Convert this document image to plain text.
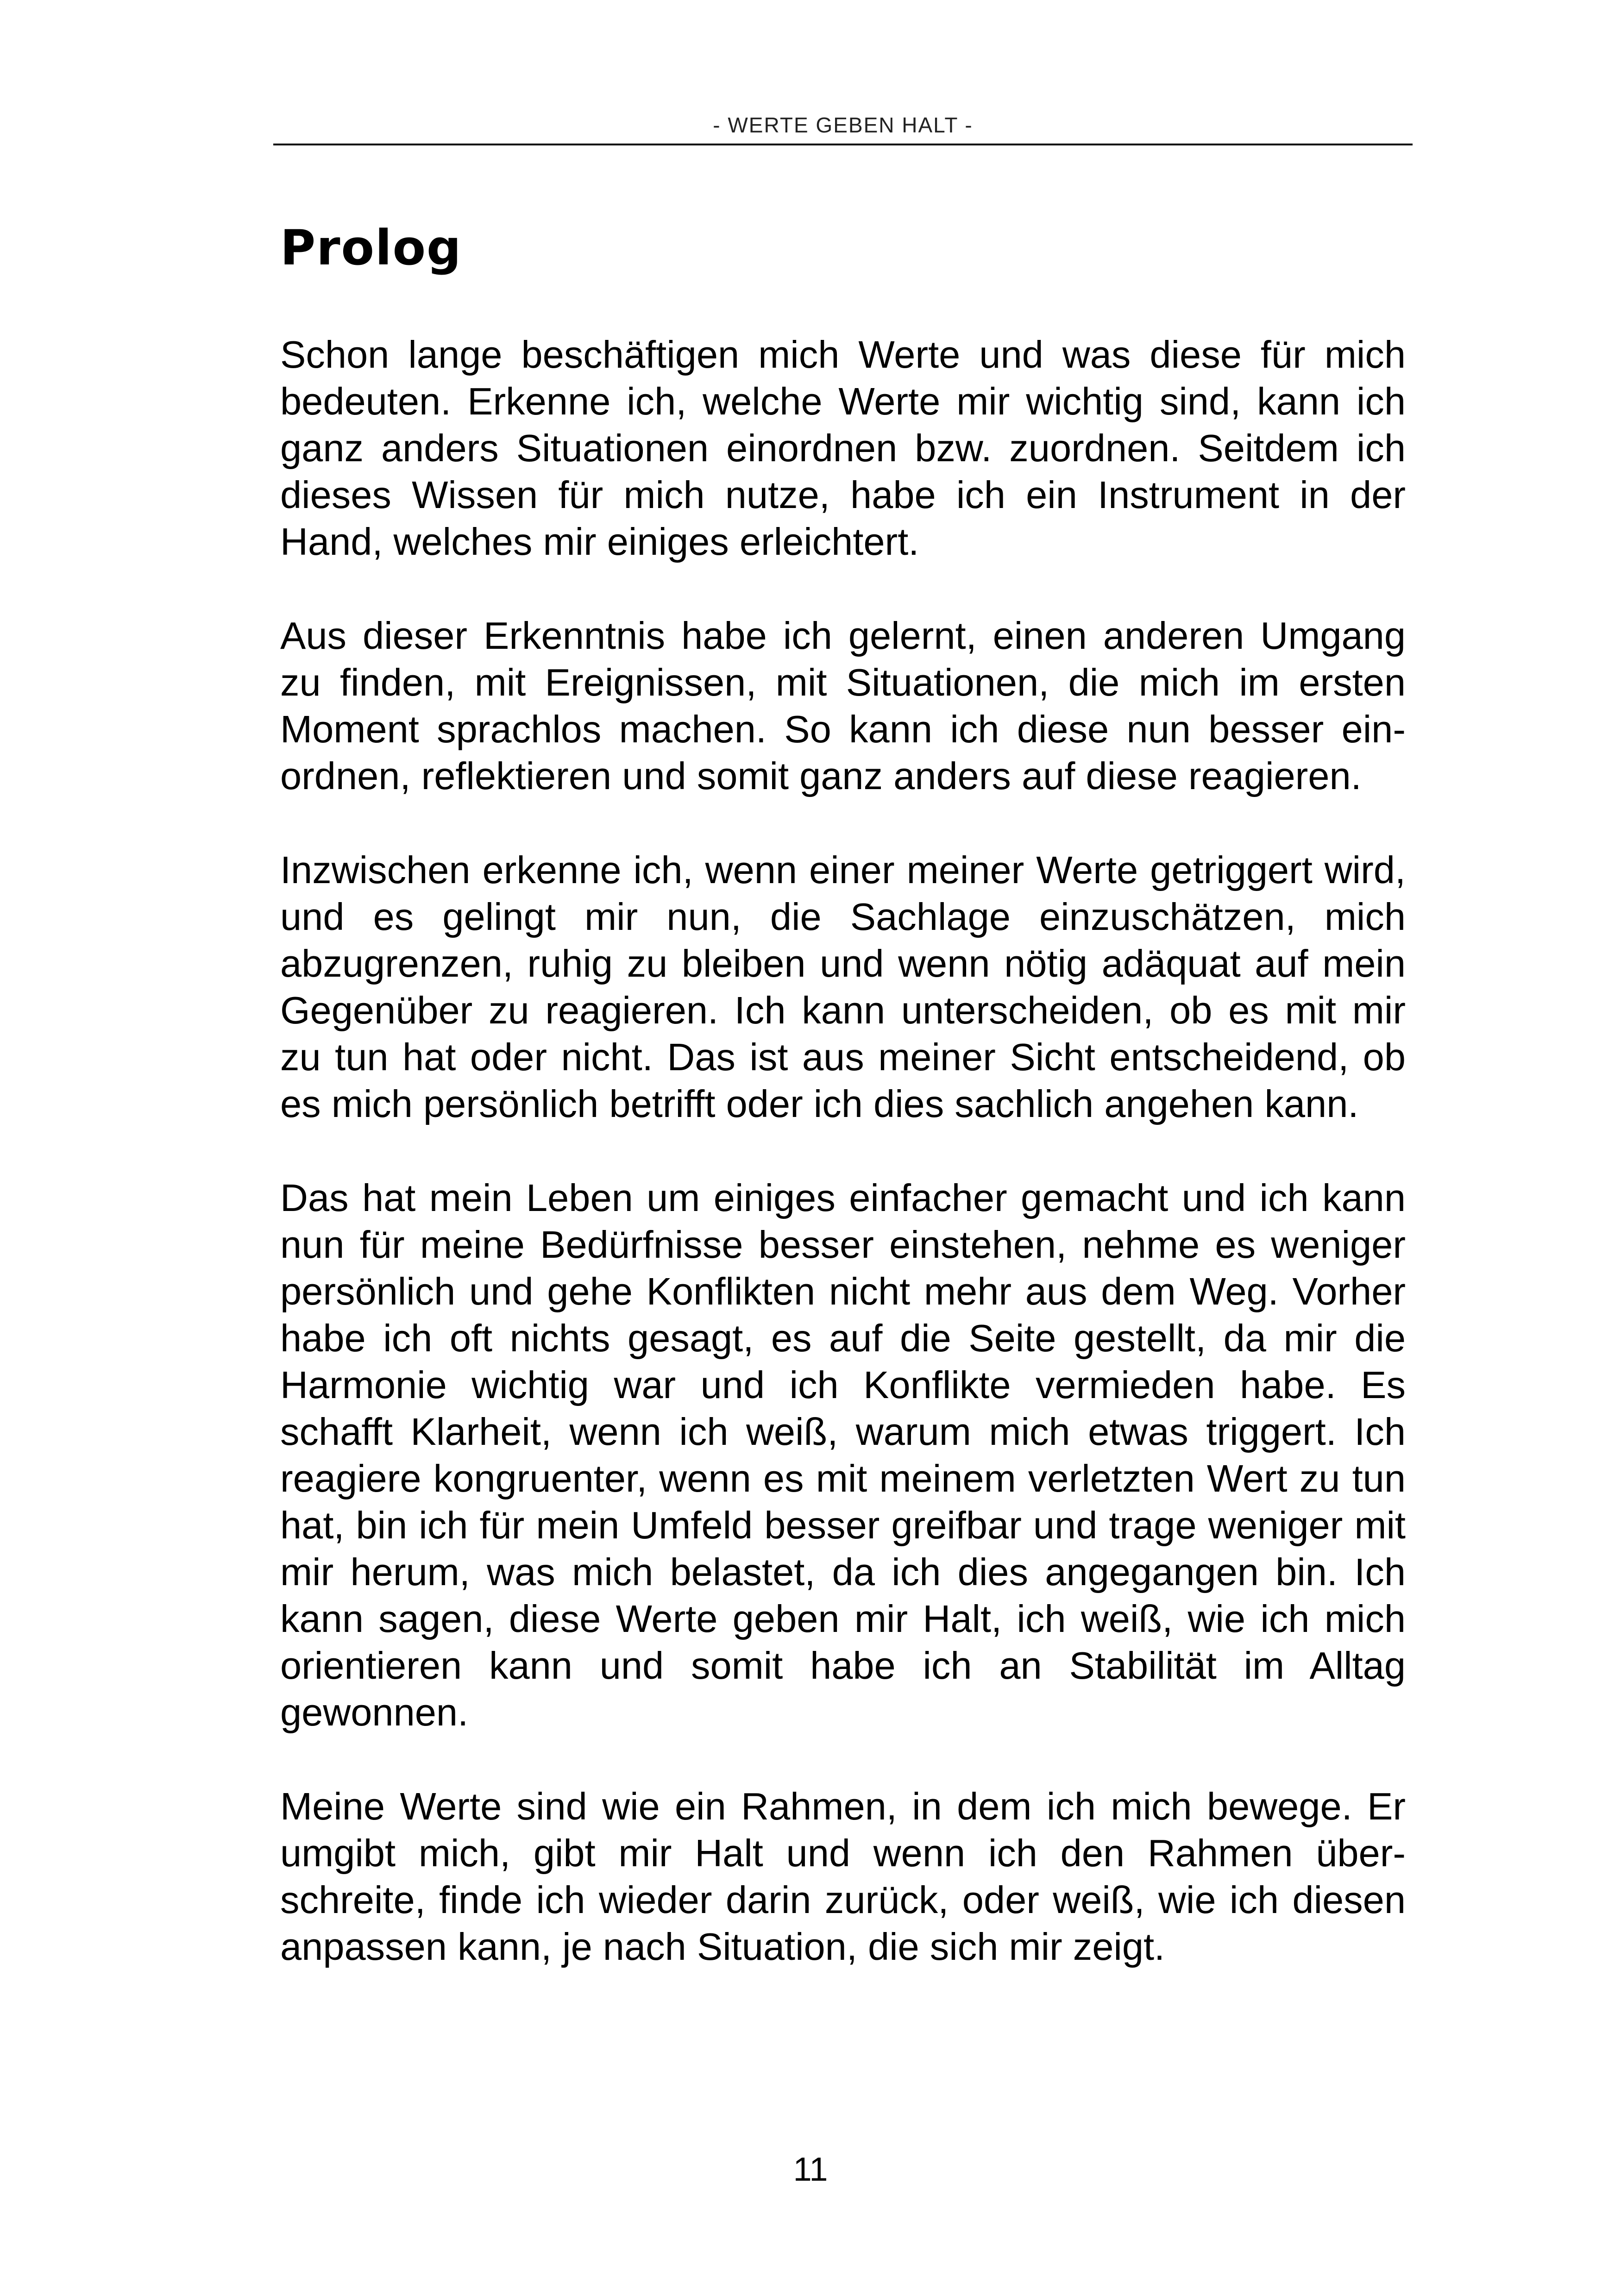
- WERTE GEBEN HALT -
Prolog

Schon lange beschäftigen mich Werte und was diese für mich bedeuten. Erkenne ich, welche Werte mir wichtig sind, kann ich ganz anders Situationen einordnen bzw. zuordnen. Seitdem ich dieses Wissen für mich nutze, habe ich ein Instrument in der Hand, welches mir einiges erleichtert.

Aus dieser Erkenntnis habe ich gelernt, einen anderen Umgang zu finden, mit Ereignissen, mit Situationen, die mich im ersten Moment sprachlos machen. So kann ich diese nun besser einordnen, reflektieren und somit ganz anders auf diese reagieren.

Inzwischen erkenne ich, wenn einer meiner Werte getriggert wird, und es gelingt mir nun, die Sachlage einzuschätzen, mich abzugrenzen, ruhig zu bleiben und wenn nötig adäquat auf mein Gegenüber zu reagieren. Ich kann unterscheiden, ob es mit mir zu tun hat oder nicht. Das ist aus meiner Sicht entscheidend, ob es mich persönlich betrifft oder ich dies sachlich angehen kann.

Das hat mein Leben um einiges einfacher gemacht und ich kann nun für meine Bedürfnisse besser einstehen, nehme es weniger persönlich und gehe Konflikten nicht mehr aus dem Weg. Vorher habe ich oft nichts gesagt, es auf die Seite gestellt, da mir die Harmonie wichtig war und ich Konflikte vermieden habe. Es schafft Klarheit, wenn ich weiß, warum mich etwas triggert. Ich reagiere kongruenter, wenn es mit meinem verletzten Wert zu tun hat, bin ich für mein Umfeld besser greifbar und trage weniger mit mir herum, was mich belastet, da ich dies angegangen bin. Ich kann sagen, diese Werte geben mir Halt, ich weiß, wie ich mich orientieren kann und somit habe ich an Stabilität im Alltag gewonnen.

Meine Werte sind wie ein Rahmen, in dem ich mich bewege. Er umgibt mich, gibt mir Halt und wenn ich den Rahmen überschreite, finde ich wieder darin zurück, oder weiß, wie ich diesen anpassen kann, je nach Situation, die sich mir zeigt.

11
